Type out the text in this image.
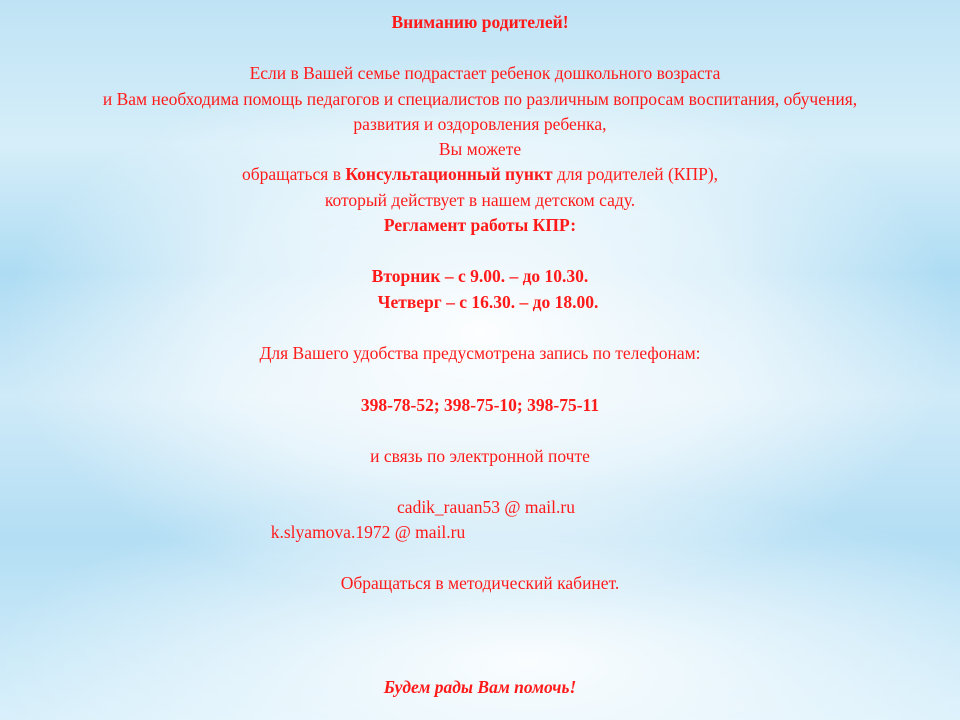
Вниманию родителей!

Если в Вашей семье подрастает ребенок дошкольного возраста

и Вам необходима помощь педагогов и специалистов по различным вопросам воспитания, обучения,

развития и оздоровления ребенка,

Вы можете

обращаться в Консультационный пункт для родителей (КПР),

который действует в нашем детском саду.

Регламент работы КПР:

Вторник – с 9.00. – до 10.30.

Четверг – с 16.30. – до 18.00.

Для Вашего удобства предусмотрена запись по телефонам:

398-78-52; 398-75-10; 398-75-11

и связь по электронной почте

cadik_rauan53 @ mail.ru

k.slyamova.1972 @ mail.ru

Обращаться в методический кабинет.

Будем рады Вам помочь!
